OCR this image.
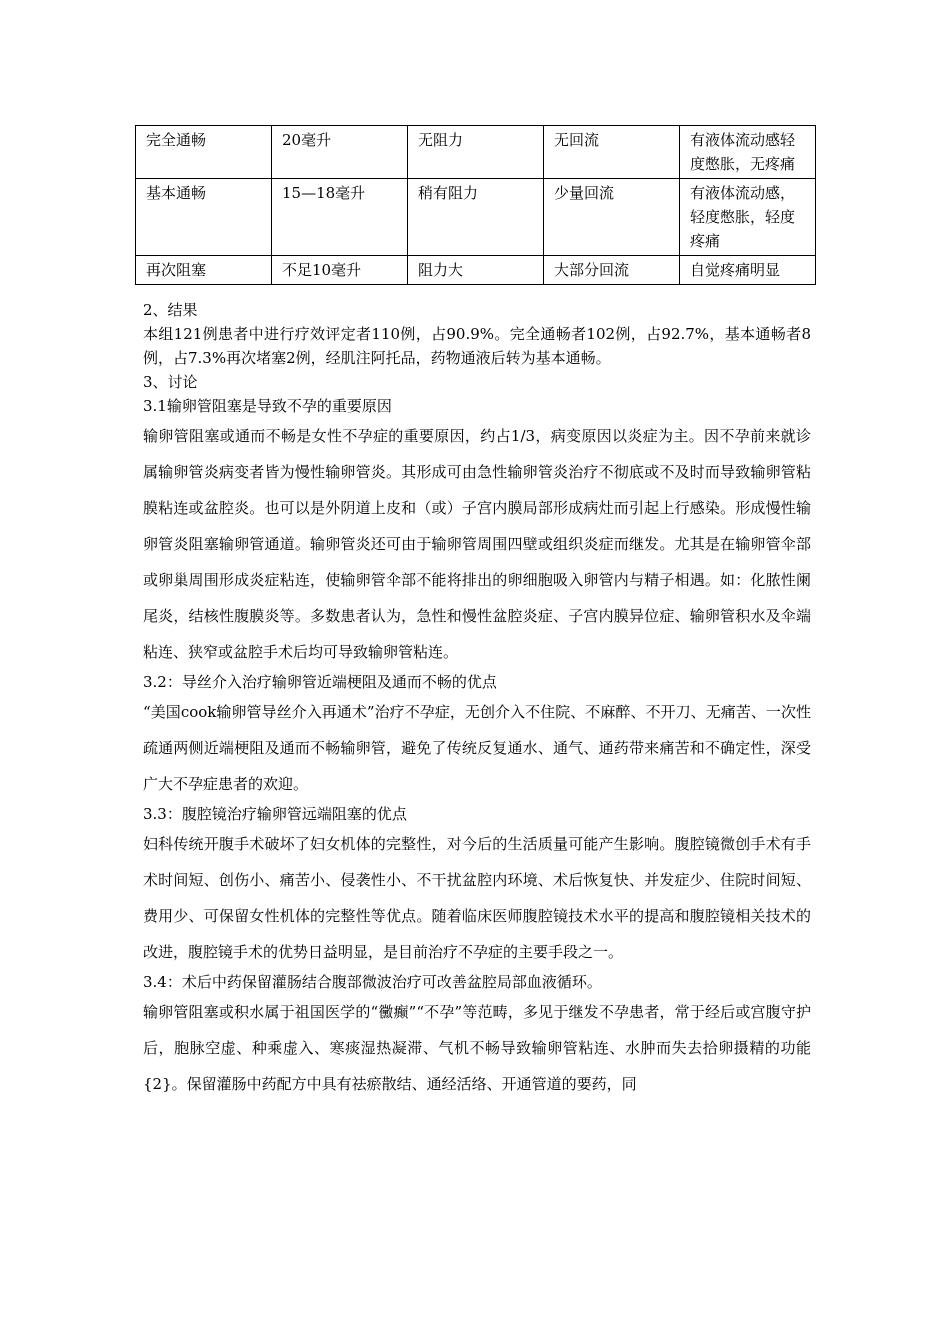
完全通畅	20毫升	无阻力	无回流	有液体流动感轻度憋胀，无疼痛
基本通畅	15—18毫升	稍有阻力	少量回流	有液体流动感，轻度憋胀，轻度疼痛
再次阻塞	不足10毫升	阻力大	大部分回流	自觉疼痛明显
2、结果
本组121例患者中进行疗效评定者110例，占90.9%。完全通畅者102例，占92.7%，基本通畅者8例，占7.3%再次堵塞2例，经肌注阿托品，药物通液后转为基本通畅。
3、讨论
3.1输卵管阻塞是导致不孕的重要原因
输卵管阻塞或通而不畅是女性不孕症的重要原因，约占1/3，病变原因以炎症为主。因不孕前来就诊属输卵管炎病变者皆为慢性输卵管炎。其形成可由急性输卵管炎治疗不彻底或不及时而导致输卵管粘膜粘连或盆腔炎。也可以是外阴道上皮和（或）子宫内膜局部形成病灶而引起上行感染。形成慢性输卵管炎阻塞输卵管通道。输卵管炎还可由于输卵管周围四壁或组织炎症而继发。尤其是在输卵管伞部或卵巢周围形成炎症粘连，使输卵管伞部不能将排出的卵细胞吸入卵管内与精子相遇。如：化脓性阑尾炎，结核性腹膜炎等。多数患者认为，急性和慢性盆腔炎症、子宫内膜异位症、输卵管积水及伞端粘连、狭窄或盆腔手术后均可导致输卵管粘连。
3.2：导丝介入治疗输卵管近端梗阻及通而不畅的优点
“美国cook输卵管导丝介入再通术”治疗不孕症，无创介入不住院、不麻醉、不开刀、无痛苦、一次性疏通两侧近端梗阻及通而不畅输卵管，避免了传统反复通水、通气、通药带来痛苦和不确定性，深受广大不孕症患者的欢迎。
3.3：腹腔镜治疗输卵管远端阻塞的优点
妇科传统开腹手术破坏了妇女机体的完整性，对今后的生活质量可能产生影响。腹腔镜微创手术有手术时间短、创伤小、痛苦小、侵袭性小、不干扰盆腔内环境、术后恢复快、并发症少、住院时间短、费用少、可保留女性机体的完整性等优点。随着临床医师腹腔镜技术水平的提高和腹腔镜相关技术的改进，腹腔镜手术的优势日益明显，是目前治疗不孕症的主要手段之一。
3.4：术后中药保留灌肠结合腹部微波治疗可改善盆腔局部血液循环。
输卵管阻塞或积水属于祖国医学的“黴癫”“不孕”等范畴，多见于继发不孕患者，常于经后或宫腹守护后，胞脉空虚、种乘虚入、寒痰湿热凝滞、气机不畅导致输卵管粘连、水肿而失去拾卵摄精的功能{2}。保留灌肠中药配方中具有祛瘀散结、通经活络、开通管道的要药，同
